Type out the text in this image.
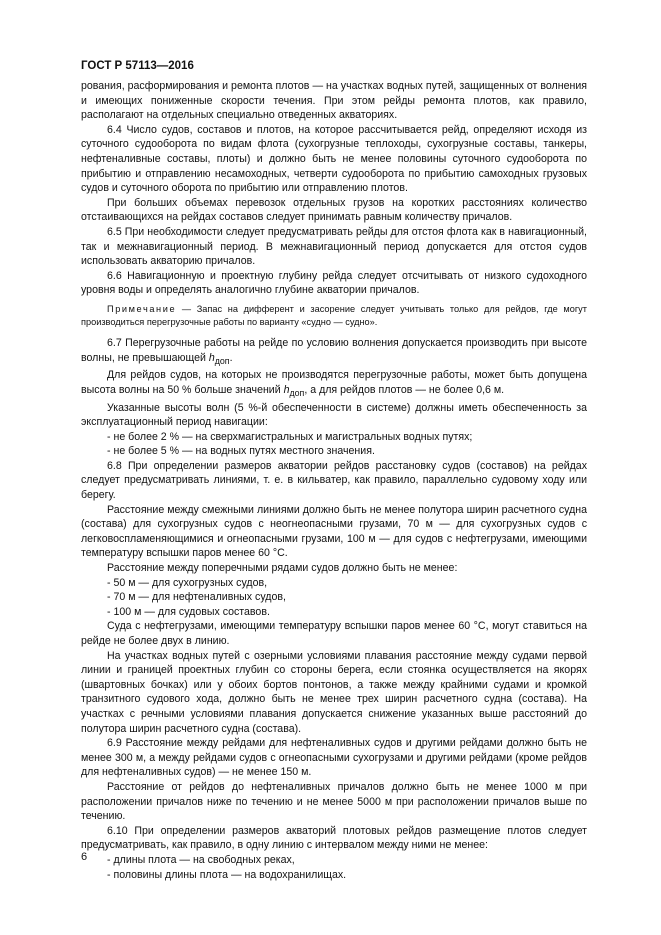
ГОСТ Р 57113—2016

рования, расформирования и ремонта плотов — на участках водных путей, защищенных от волнения и имеющих пониженные скорости течения. При этом рейды ремонта плотов, как правило, располагают на отдельных специально отведенных акваториях.

6.4 Число судов, составов и плотов, на которое рассчитывается рейд, определяют исходя из суточного судооборота по видам флота (сухогрузные теплоходы, сухогрузные составы, танкеры, нефтеналивные составы, плоты) и должно быть не менее половины суточного судооборота по прибытию и отправлению несамоходных, четверти судооборота по прибытию самоходных грузовых судов и суточного оборота по прибытию или отправлению плотов.

При больших объемах перевозок отдельных грузов на коротких расстояниях количество отстаивающихся на рейдах составов следует принимать равным количеству причалов.

6.5 При необходимости следует предусматривать рейды для отстоя флота как в навигационный, так и межнавигационный период. В межнавигационный период допускается для отстоя судов использовать акваторию причалов.

6.6 Навигационную и проектную глубину рейда следует отсчитывать от низкого судоходного уровня воды и определять аналогично глубине акватории причалов.

Примечание — Запас на дифферент и засорение следует учитывать только для рейдов, где могут производиться перегрузочные работы по варианту «судно — судно».

6.7 Перегрузочные работы на рейде по условию волнения допускается производить при высоте волны, не превышающей $h_{доп}$.

Для рейдов судов, на которых не производятся перегрузочные работы, может быть допущена высота волны на 50 % больше значений $h_{доп}$, а для рейдов плотов — не более 0,6 м.

Указанные высоты волн (5 %-й обеспеченности в системе) должны иметь обеспеченность за эксплуатационный период навигации:

- не более 2 % — на сверхмагистральных и магистральных водных путях;

- не более 5 % — на водных путях местного значения.

6.8 При определении размеров акватории рейдов расстановку судов (составов) на рейдах следует предусматривать линиями, т. е. в кильватер, как правило, параллельно судовому ходу или берегу.

Расстояние между смежными линиями должно быть не менее полутора ширин расчетного судна (состава) для сухогрузных судов с неогнеопасными грузами, 70 м — для сухогрузных судов с легковоспламеняющимися и огнеопасными грузами, 100 м — для судов с нефтегрузами, имеющими температуру вспышки паров менее 60 °С.

Расстояние между поперечными рядами судов должно быть не менее:

- 50 м — для сухогрузных судов,

- 70 м — для нефтеналивных судов,

- 100 м — для судовых составов.

Суда с нефтегрузами, имеющими температуру вспышки паров менее 60 °С, могут ставиться на рейде не более двух в линию.

На участках водных путей с озерными условиями плавания расстояние между судами первой линии и границей проектных глубин со стороны берега, если стоянка осуществляется на якорях (швартовных бочках) или у обоих бортов понтонов, а также между крайними судами и кромкой транзитного судового хода, должно быть не менее трех ширин расчетного судна (состава). На участках с речными условиями плавания допускается снижение указанных выше расстояний до полутора ширин расчетного судна (состава).

6.9 Расстояние между рейдами для нефтеналивных судов и другими рейдами должно быть не менее 300 м, а между рейдами судов с огнеопасными сухогрузами и другими рейдами (кроме рейдов для нефтеналивных судов) — не менее 150 м.

Расстояние от рейдов до нефтеналивных причалов должно быть не менее 1000 м при расположении причалов ниже по течению и не менее 5000 м при расположении причалов выше по течению.

6.10 При определении размеров акваторий плотовых рейдов размещение плотов следует предусматривать, как правило, в одну линию с интервалом между ними не менее:

- длины плота — на свободных реках,

- половины длины плота — на водохранилищах.

6
